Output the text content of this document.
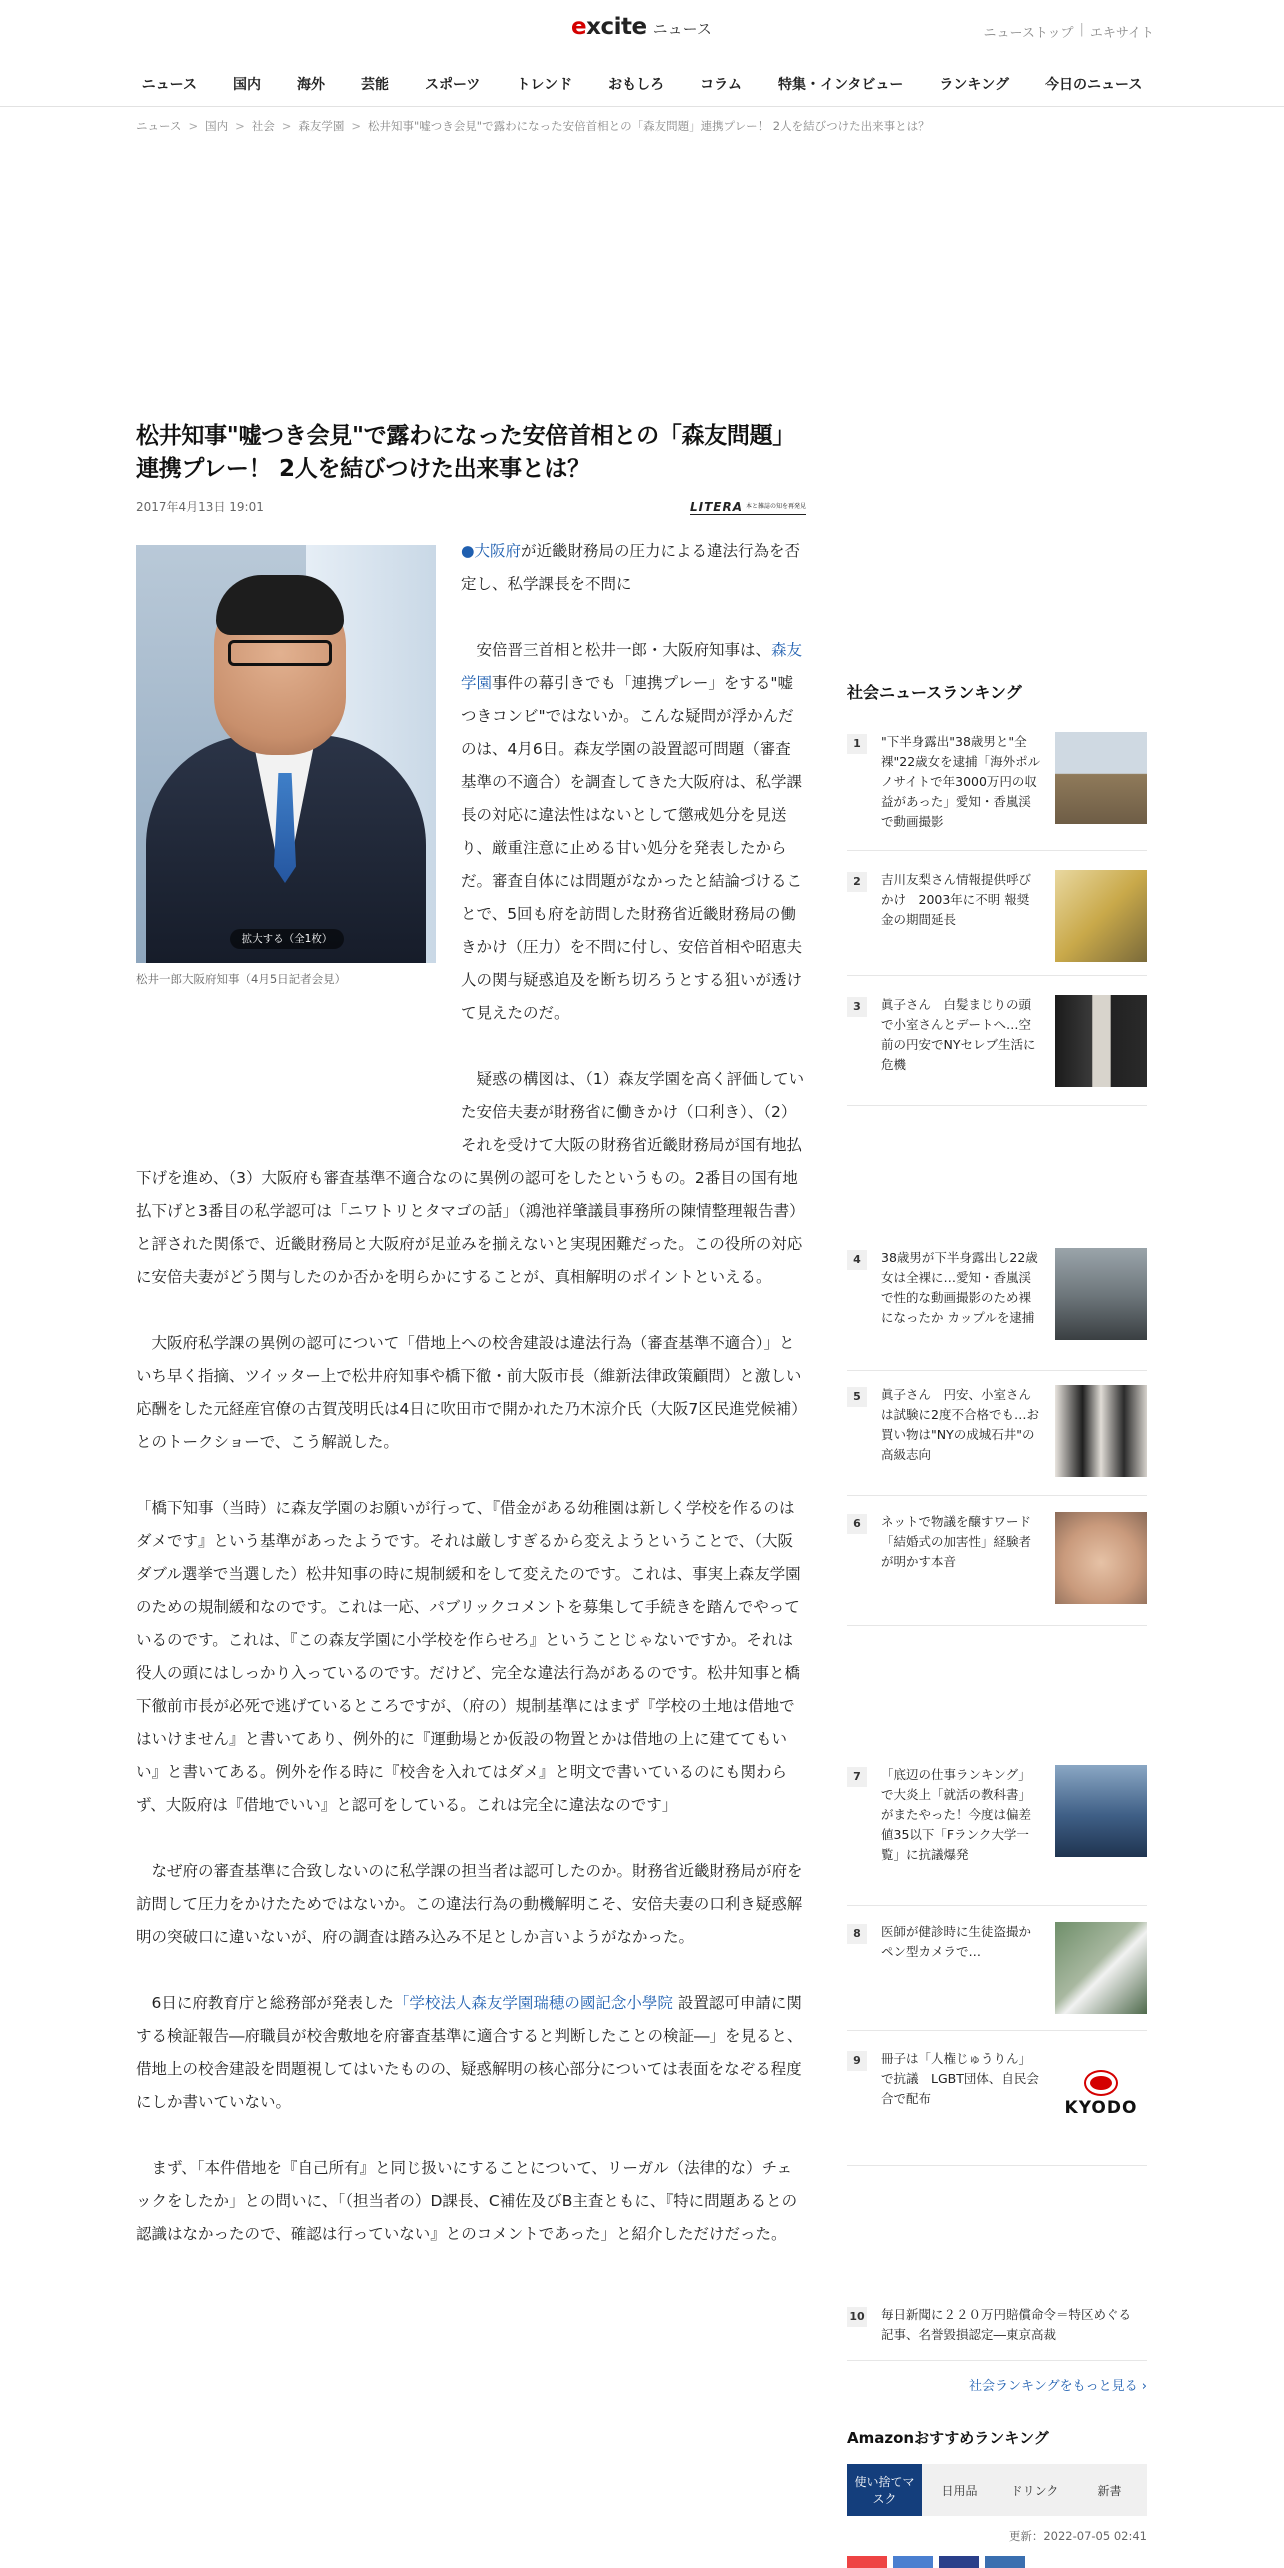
excite ニュース	ニューストップ | エキサイト
ニュース	国内	海外	芸能	スポーツ	トレンド	おもしろ	コラム	特集・インタビュー	ランキング	今日のニュース
ニュース > 国内 > 社会 > 森友学園 > 松井知事"嘘つき会見"で露わになった安倍首相との「森友問題」連携プレー！ 2人を結びつけた出来事とは？
松井知事"嘘つき会見"で露わになった安倍首相との「森友問題」連携プレー！ 2人を結びつけた出来事とは？
2017年4月13日 19:01	LITERA $^{本と雑誌の知を再発見}$

●大阪府が近畿財務局の圧力による違法行為を否定し、私学課長を不問に

　安倍晋三首相と松井一郎・大阪府知事は、森友学園事件の幕引きでも「連携プレー」をする"嘘つきコンビ"ではないか。こんな疑問が浮かんだのは、4月6日。森友学園の設置認可問題（審査基準の不適合）を調査してきた大阪府は、私学課長の対応に違法性はないとして懲戒処分を見送り、厳重注意に止める甘い処分を発表したからだ。審査自体には問題がなかったと結論づけることで、5回も府を訪問した財務省近畿財務局の働きかけ（圧力）を不問に付し、安倍首相や昭恵夫人の関与疑惑追及を断ち切ろうとする狙いが透けて見えたのだ。

　疑惑の構図は、（1）森友学園を高く評価していた安倍夫妻が財務省に働きかけ（口利き）、（2）それを受けて大阪の財務省近畿財務局が国有地払下げを進め、（3）大阪府も審査基準不適合なのに異例の認可をしたというもの。2番目の国有地払下げと3番目の私学認可は「ニワトリとタマゴの話」（鴻池祥肇議員事務所の陳情整理報告書）と評された関係で、近畿財務局と大阪府が足並みを揃えないと実現困難だった。この役所の対応に安倍夫妻がどう関与したのか否かを明らかにすることが、真相解明のポイントといえる。

　大阪府私学課の異例の認可について「借地上への校舎建設は違法行為（審査基準不適合）」といち早く指摘、ツイッター上で松井府知事や橋下徹・前大阪市長（維新法律政策顧問）と激しい応酬をした元経産官僚の古賀茂明氏は4日に吹田市で開かれた乃木涼介氏（大阪7区民進党候補）とのトークショーで、こう解説した。

「橋下知事（当時）に森友学園のお願いが行って、『借金がある幼稚園は新しく学校を作るのはダメです』という基準があったようです。それは厳しすぎるから変えようということで、（大阪ダブル選挙で当選した）松井知事の時に規制緩和をして変えたのです。これは、事実上森友学園のための規制緩和なのです。これは一応、パブリックコメントを募集して手続きを踏んでやっているのです。これは、『この森友学園に小学校を作らせろ』ということじゃないですか。それは役人の頭にはしっかり入っているのです。だけど、完全な違法行為があるのです。松井知事と橋下徹前市長が必死で逃げているところですが、（府の）規制基準にはまず『学校の土地は借地ではいけません』と書いてあり、例外的に『運動場とか仮設の物置とかは借地の上に建ててもいい』と書いてある。例外を作る時に『校舎を入れてはダメ』と明文で書いているのにも関わらず、大阪府は『借地でいい』と認可をしている。これは完全に違法なのです」

　なぜ府の審査基準に合致しないのに私学課の担当者は認可したのか。財務省近畿財務局が府を訪問して圧力をかけたためではないか。この違法行為の動機解明こそ、安倍夫妻の口利き疑惑解明の突破口に違いないが、府の調査は踏み込み不足としか言いようがなかった。

　6日に府教育庁と総務部が発表した「学校法人森友学園瑞穂の國記念小學院 設置認可申請に関する検証報告―府職員が校舎敷地を府審査基準に適合すると判断したことの検証―」を見ると、借地上の校舎建設を問題視してはいたものの、疑惑解明の核心部分については表面をなぞる程度にしか書いていない。

　まず、「本件借地を『自己所有』と同じ扱いにすることについて、リーガル（法律的な）チェックをしたか」との問いに、「（担当者の）D課長、C補佐及びB主査ともに、『特に問題あるとの認識はなかったので、確認は行っていない』とのコメントであった」と紹介しただけだった。

拡大する（全1枚）
松井一郎大阪府知事（4月5日記者会見）
社会ニュースランキング
1	"下半身露出"38歳男と"全裸"22歳女を逮捕「海外ポルノサイトで年3000万円の収益があった」愛知・香嵐渓で動画撮影
2	吉川友梨さん情報提供呼びかけ　2003年に不明 報奨金の期間延長
3	眞子さん　白髪まじりの頭で小室さんとデートへ…空前の円安でNYセレブ生活に危機
4	38歳男が下半身露出し22歳女は全裸に…愛知・香嵐渓で性的な動画撮影のため裸になったか カップルを逮捕
5	眞子さん　円安、小室さんは試験に2度不合格でも…お買い物は"NYの成城石井"の高級志向
6	ネットで物議を醸すワード「結婚式の加害性」経験者が明かす本音
7	「底辺の仕事ランキング」で大炎上「就活の教科書」がまたやった！今度は偏差値35以下「Fランク大学一覧」に抗議爆発
8	医師が健診時に生徒盗撮か　ペン型カメラで…
9	冊子は「人権じゅうりん」で抗議　LGBT団体、自民会合で配布	KYODO
10 毎日新聞に２２０万円賠償命令＝特区めぐる記事、名誉毀損認定―東京高裁
社会ランキングをもっと見る ›
Amazonおすすめランキング
使い捨てマスク
日用品	ドリンク	新書
更新：2022-07-05 02:41
